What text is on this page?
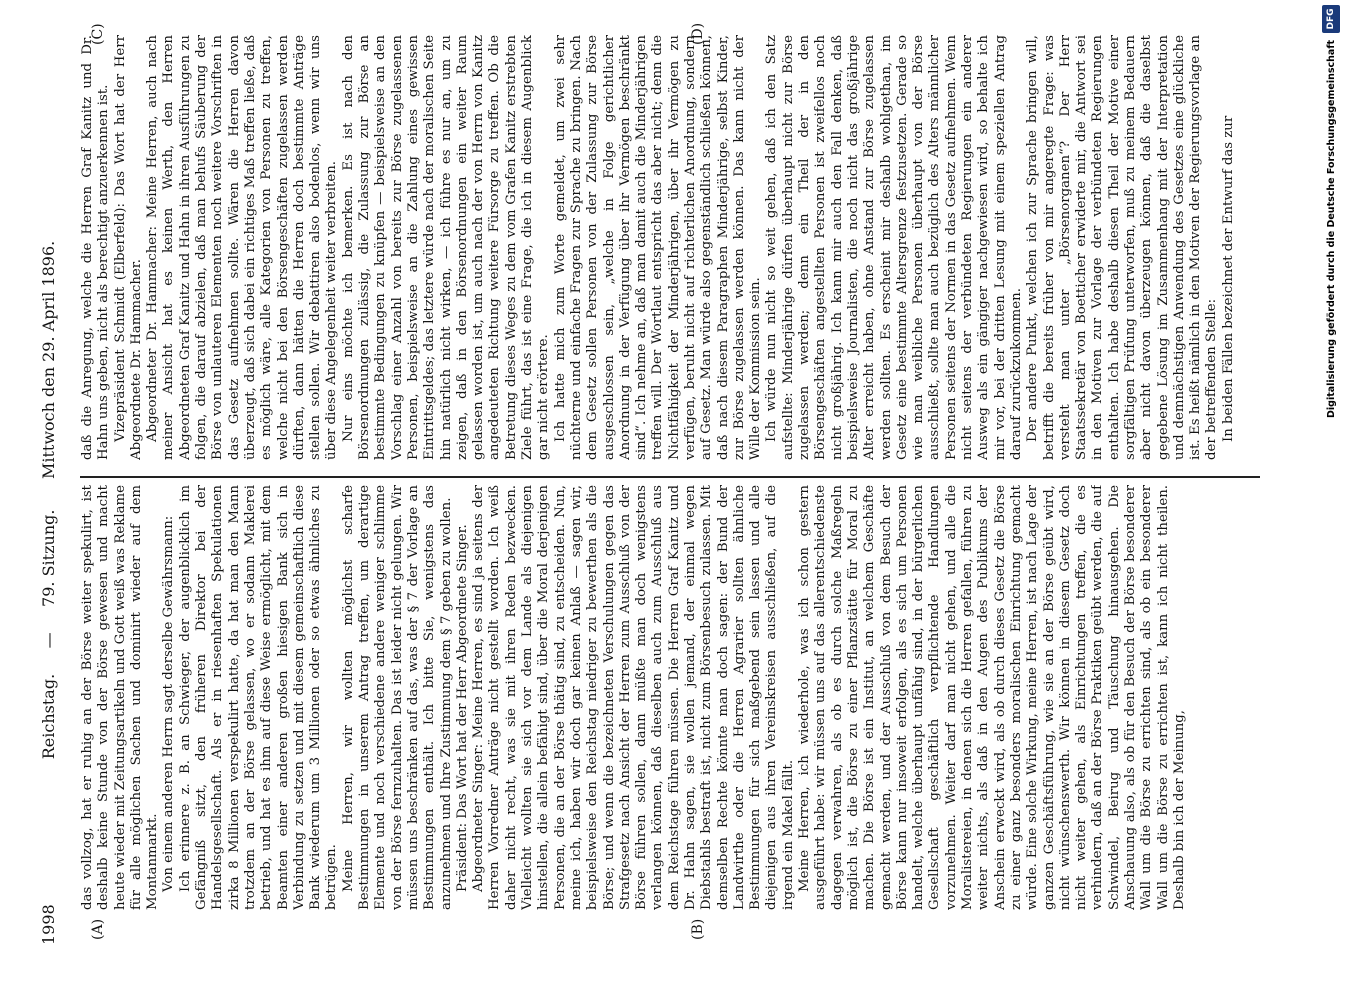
1998
Reichstag.     —     79. Sitzung.      Mittwoch den 29. April 1896.
(A)	(B)
(C)	(D)

das vollzog, hat er ruhig an der Börse weiter spekulirt, ist deshalb keine Stunde von der Börse gewesen und macht heute wieder mit Zeitungsartikeln und Gott weiß was Reklame für alle möglichen Sachen und dominirt wieder auf dem Montanmarkt. Von einem anderen Herrn sagt derselbe Gewährsmann: Ich erinnere z. B. an Schwieger, der augenblicklich im Gefängniß sitzt, den früheren Direktor bei der Handelsgesellschaft. Als er in riesenhaften Spekulationen zirka 8 Millionen verspekulirt hatte, da hat man den Mann trotzdem an der Börse gelassen, wo er sodann Maklerei betrieb, und hat es ihm auf diese Weise ermöglicht, mit dem Beamten einer anderen großen hiesigen Bank sich in Verbindung zu setzen und mit diesem gemeinschaftlich diese Bank wiederum um 3 Millionen oder so etwas ähnliches zu betrügen. Meine Herren, wir wollten möglichst scharfe Bestimmungen in unserem Antrag treffen, um derartige Elemente und noch verschiedene andere weniger schlimme von der Börse fernzuhalten. Das ist leider nicht gelungen. Wir müssen uns beschränken auf das, was der § 7 der Vorlage an Bestimmungen enthält. Ich bitte Sie, wenigstens das anzunehmen und Ihre Zustimmung dem § 7 geben zu wollen. Präsident: Das Wort hat der Herr Abgeordnete Singer. Abgeordneter Singer: Meine Herren, es sind ja seitens der Herren Vorredner Anträge nicht gestellt worden. Ich weiß daher nicht recht, was sie mit ihren Reden bezwecken. Vielleicht wollten sie sich vor dem Lande als diejenigen hinstellen, die allein befähigt sind, über die Moral derjenigen Personen, die an der Börse thätig sind, zu entscheiden. Nun, meine ich, haben wir doch gar keinen Anlaß — sagen wir, beispielsweise den Reichstag niedriger zu bewerthen als die Börse; und wenn die bezeichneten Verschulungen gegen das Strafgesetz nach Ansicht der Herren zum Ausschluß von der Börse führen sollen, dann müßte man doch wenigstens verlangen können, daß dieselben auch zum Ausschluß aus dem Reichstage führen müssen. Die Herren Graf Kanitz und Dr. Hahn sagen, sie wollen jemand, der einmal wegen Diebstahls bestraft ist, nicht zum Börsenbesuch zulassen. Mit demselben Rechte könnte man doch sagen: der Bund der Landwirthe oder die Herren Agrarier sollten ähnliche Bestimmungen für sich maßgebend sein lassen und alle diejenigen aus ihren Vereinskreisen ausschließen, auf die irgend ein Makel fällt. Meine Herren, ich wiederhole, was ich schon gestern ausgeführt habe: wir müssen uns auf das allerentschiedenste dagegen verwahren, als ob es durch solche Maßregeln möglich ist, die Börse zu einer Pflanzstätte für Moral zu machen. Die Börse ist ein Institut, an welchem Geschäfte gemacht werden, und der Ausschluß von dem Besuch der Börse kann nur insoweit erfolgen, als es sich um Personen handelt, welche überhaupt unfähig sind, in der bürgerlichen Gesellschaft geschäftlich verpflichtende Handlungen vorzunehmen. Weiter darf man nicht gehen, und alle die Moralistereien, in denen sich die Herren gefallen, führen zu weiter nichts, als daß in den Augen des Publikums der Anschein erweckt wird, als ob durch dieses Gesetz die Börse zu einer ganz besonders moralischen Einrichtung gemacht würde. Eine solche Wirkung, meine Herren, ist nach Lage der ganzen Geschäftsführung, wie sie an der Börse geübt wird, nicht wünschenswerth. Wir können in diesem Gesetz doch nicht weiter gehen, als Einrichtungen treffen, die es verhindern, daß an der Börse Praktiken geübt werden, die auf Schwindel, Beirug und Täuschung hinausgehen. Die Anschauung also, als ob für den Besuch der Börse besonderer Wall um die Börse zu errichten sind, als ob ein besonderer Wall um die Börse zu errichten ist, kann ich nicht theilen. Deshalb bin ich der Meinung,

daß die Anregung, welche die Herren Graf Kanitz und Dr. Hahn uns geben, nicht als berechtigt anzuerkennen ist. Vizepräsident Schmidt (Elberfeld): Das Wort hat der Herr Abgeordnete Dr. Hammacher. Abgeordneter Dr. Hammacher: Meine Herren, auch nach meiner Ansicht hat es keinen Werth, den Herren Abgeordneten Graf Kanitz und Hahn in ihren Ausführungen zu folgen, die darauf abzielen, daß man behufs Säuberung der Börse von unlauteren Elementen noch weitere Vorschriften in das Gesetz aufnehmen sollte. Wären die Herren davon überzeugt, daß sich dabei ein richtiges Maß treffen ließe, daß es möglich wäre, alle Kategorien von Personen zu treffen, welche nicht bei den Börsengeschäften zugelassen werden dürften, dann hätten die Herren doch bestimmte Anträge stellen sollen. Wir debattiren also bodenlos, wenn wir uns über diese Angelegenheit weiter verbreiten. Nur eins möchte ich bemerken. Es ist nach den Börsenordnungen zulässig, die Zulassung zur Börse an bestimmte Bedingungen zu knüpfen — beispielsweise an den Vorschlag einer Anzahl von bereits zur Börse zugelassenen Personen, beispielsweise an die Zahlung eines gewissen Eintrittsgeldes; das letztere würde nach der moralischen Seite hin natürlich nicht wirken, — ich führe es nur an, um zu zeigen, daß in den Börsenordnungen ein weiter Raum gelassen worden ist, um auch nach der von Herrn von Kanitz angedeuteten Richtung weitere Fürsorge zu treffen. Ob die Betretung dieses Weges zu dem vom Grafen Kanitz erstrebten Ziele führt, das ist eine Frage, die ich in diesem Augenblick gar nicht erörtere. Ich hatte mich zum Worte gemeldet, um zwei sehr nüchterne und einfache Fragen zur Sprache zu bringen. Nach dem Gesetz sollen Personen von der Zulassung zur Börse ausgeschlossen sein, „welche in Folge gerichtlicher Anordnung in der Verfügung über ihr Vermögen beschränkt sind“. Ich nehme an, daß man damit auch die Minderjährigen treffen will. Der Wortlaut entspricht das aber nicht; denn die Nichtfähigkeit der Minderjährigen, über ihr Vermögen zu verfügen, beruht nicht auf richterlichen Anordnung, sondern auf Gesetz. Man würde also gegenständlich schließen können, daß nach diesem Paragraphen Minderjährige, selbst Kinder, zur Börse zugelassen werden können. Das kann nicht der Wille der Kommission sein. Ich würde nun nicht so weit gehen, daß ich den Satz aufstellte: Minderjährige dürfen überhaupt nicht zur Börse zugelassen werden; denn ein Theil der in den Börsengeschäften angestellten Personen ist zweifellos noch nicht großjährig. Ich kann mir auch den Fall denken, daß beispielsweise Journalisten, die noch nicht das großjährige Alter erreicht haben, ohne Anstand zur Börse zugelassen werden sollten. Es erscheint mir deshalb wohlgethan, im Gesetz eine bestimmte Altersgrenze festzusetzen. Gerade so wie man weibliche Personen überhaupt von der Börse ausschließt, sollte man auch bezüglich des Alters männlicher Personen seitens der Normen in das Gesetz aufnehmen. Wenn nicht seitens der verbündeten Regierungen ein anderer Ausweg als ein gängiger nachgewiesen wird, so behalte ich mir vor, bei der dritten Lesung mit einem speziellen Antrag darauf zurückzukommen. Der andere Punkt, welchen ich zur Sprache bringen will, betrifft die bereits früher von mir angeregte Frage: was versteht man unter „Börsenorganen“? Der Herr Staatssekretär von Boetticher erwiderte mir, die Antwort sei in den Motiven zur Vorlage der verbündeten Regierungen enthalten. Ich habe deshalb diesen Theil der Motive einer sorgfältigen Prüfung unterworfen, muß zu meinem Bedauern aber nicht davon überzeugen können, daß die daselbst gegebene Lösung im Zusammenhang mit der Interpretation und demnächstigen Anwendung des Gesetzes eine glückliche ist. Es heißt nämlich in den Motiven der Regierungsvorlage an der betreffenden Stelle: In beiden Fällen bezeichnet der Entwurf das zur	Digitalisierung gefördert durch die Deutsche Forschungsgemeinschaft
DFG
